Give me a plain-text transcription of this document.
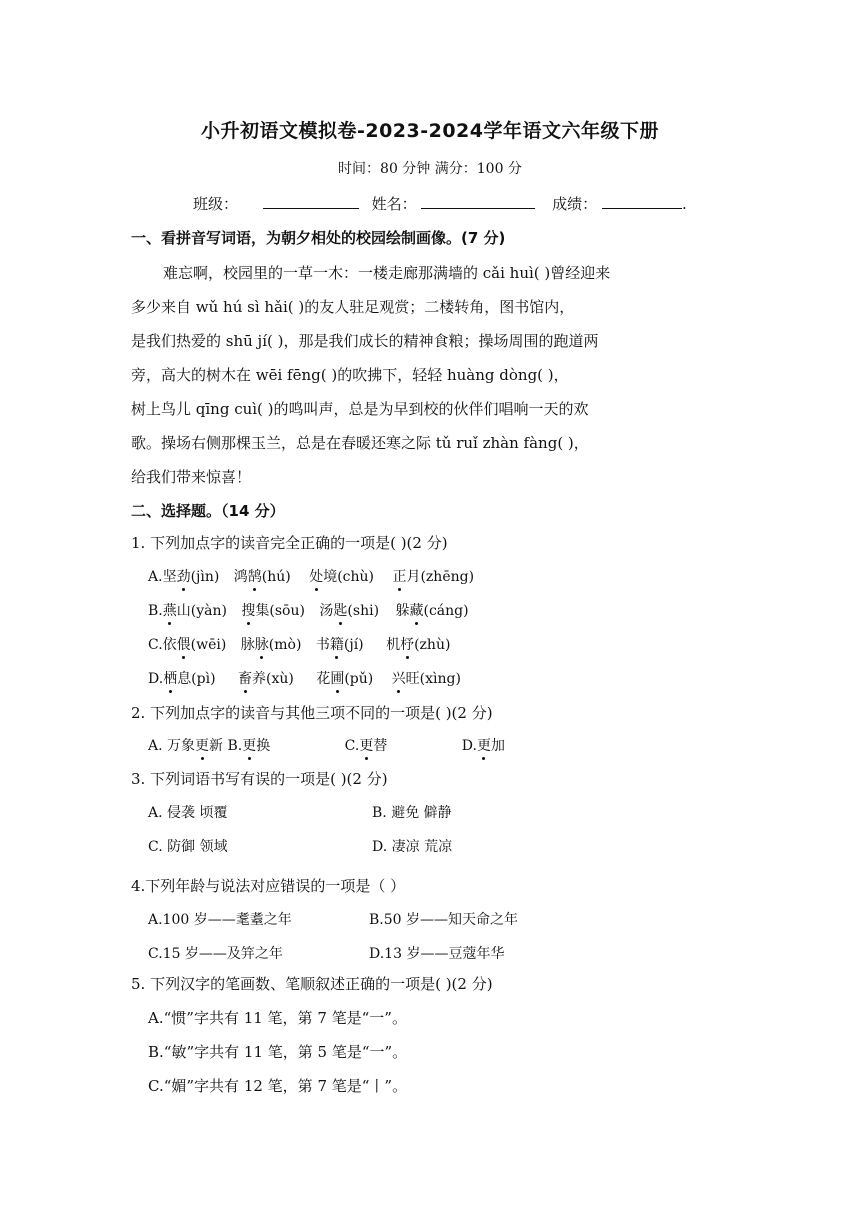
小升初语文模拟卷-2023-2024学年语文六年级下册
时间：80 分钟 满分：100 分
班级：	姓名：	成绩：	.
一、看拼音写词语，为朝夕相处的校园绘制画像。(7 分)
难忘啊，校园里的一草一木：一楼走廊那满墙的 cǎi huì( )曾经迎来
多少来自 wǔ hú sì hǎi( )的友人驻足观赏；二楼转角，图书馆内，
是我们热爱的 shū jí( )，那是我们成长的精神食粮；操场周围的跑道两
旁，高大的树木在 wēi fēng( )的吹拂下，轻轻 huàng dòng( )，
树上鸟儿 qīng cuì( )的鸣叫声，总是为早到校的伙伴们唱响一天的欢
歌。操场右侧那棵玉兰，总是在春暖还寒之际 tǔ ruǐ zhàn fàng( )，
给我们带来惊喜！
二、选择题。（14 分）
1. 下列加点字的读音完全正确的一项是( )(2 分)
A.坚劲(jìn) 鸿鹄(hú) 处境(chù) 正月(zhēng)
B.燕山(yàn) 搜集(sōu) 汤匙(shi) 躲藏(cáng)
C.依偎(wēi) 脉脉(mò) 书籍(jí) 机杼(zhù)
D.栖息(pì) 畜养(xù) 花圃(pǔ) 兴旺(xìng)
2. 下列加点字的读音与其他三项不同的一项是( )(2 分)
A. 万象更新 B.更换	C.更替	D.更加
3. 下列词语书写有误的一项是( )(2 分)
A. 侵袭 顷覆	B. 避免 僻静
C. 防御 领域	D. 凄凉 荒凉
4.下列年龄与说法对应错误的一项是（ ）
A.100 岁——耄耋之年	B.50 岁——知天命之年
C.15 岁——及笄之年	D.13 岁——豆蔻年华
5. 下列汉字的笔画数、笔顺叙述正确的一项是( )(2 分)
A.“惯”字共有 11 笔，第 7 笔是“一”。
B.“敏”字共有 11 笔，第 5 笔是“一”。
C.“媚”字共有 12 笔，第 7 笔是“丨”。
